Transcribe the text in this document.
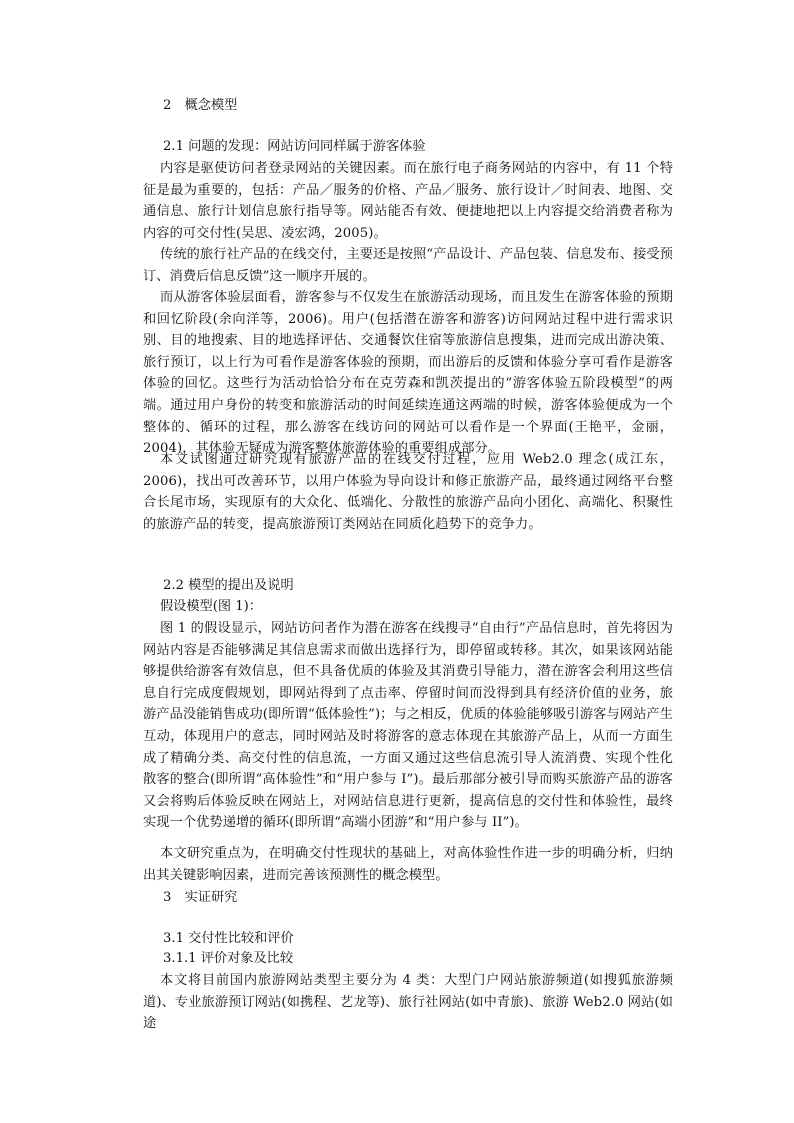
2　概念模型
2.1 问题的发现：网站访问同样属于游客体验

内容是驱使访问者登录网站的关键因素。而在旅行电子商务网站的内容中，有 11 个特征是最为重要的，包括：产品／服务的价格、产品／服务、旅行设计／时间表、地图、交通信息、旅行计划信息旅行指导等。网站能否有效、便捷地把以上内容提交给消费者称为内容的可交付性(吴思、凌宏鸿，2005)。

传统的旅行社产品的在线交付，主要还是按照“产品设计、产品包装、信息发布、接受预订、消费后信息反馈”这一顺序开展的。

而从游客体验层面看，游客参与不仅发生在旅游活动现场，而且发生在游客体验的预期和回忆阶段(余向洋等，2006)。用户(包括潜在游客和游客)访问网站过程中进行需求识别、目的地搜索、目的地选择评估、交通餐饮住宿等旅游信息搜集，进而完成出游决策、旅行预订，以上行为可看作是游客体验的预期，而出游后的反馈和体验分享可看作是游客体验的回忆。这些行为活动恰恰分布在克劳森和凯茨提出的“游客体验五阶段模型”的两端。通过用户身份的转变和旅游活动的时间延续连通这两端的时候，游客体验便成为一个整体的、循环的过程，那么游客在线访问的网站可以看作是一个界面(王艳平，金丽，2004)，其体验无疑成为游客整体旅游体验的重要组成部分。

本文试图通过研究现有旅游产品的在线交付过程，应用 Web2.0 理念(成江东，2006)，找出可改善环节，以用户体验为导向设计和修正旅游产品，最终通过网络平台整合长尾市场，实现原有的大众化、低端化、分散性的旅游产品向小团化、高端化、积聚性的旅游产品的转变，提高旅游预订类网站在同质化趋势下的竞争力。

2.2 模型的提出及说明

假设模型(图 1)：

图 1 的假设显示，网站访问者作为潜在游客在线搜寻“自由行”产品信息时，首先将因为网站内容是否能够满足其信息需求而做出选择行为，即停留或转移。其次，如果该网站能够提供给游客有效信息，但不具备优质的体验及其消费引导能力，潜在游客会利用这些信息自行完成度假规划，即网站得到了点击率、停留时间而没得到具有经济价值的业务，旅游产品没能销售成功(即所谓“低体验性”)；与之相反，优质的体验能够吸引游客与网站产生互动，体现用户的意志，同时网站及时将游客的意志体现在其旅游产品上，从而一方面生成了精确分类、高交付性的信息流，一方面又通过这些信息流引导人流消费、实现个性化散客的整合(即所谓“高体验性”和“用户参与 I”)。最后那部分被引导而购买旅游产品的游客又会将购后体验反映在网站上，对网站信息进行更新，提高信息的交付性和体验性，最终实现一个优势递增的循环(即所谓“高端小团游”和“用户参与 II”)。

本文研究重点为，在明确交付性现状的基础上，对高体验性作进一步的明确分析，归纳出其关键影响因素，进而完善该预测性的概念模型。

3　实证研究
3.1 交付性比较和评价
3.1.1 评价对象及比较

本文将目前国内旅游网站类型主要分为 4 类：大型门户网站旅游频道(如搜狐旅游频道)、专业旅游预订网站(如携程、艺龙等)、旅行社网站(如中青旅)、旅游 Web2.0 网站(如途
